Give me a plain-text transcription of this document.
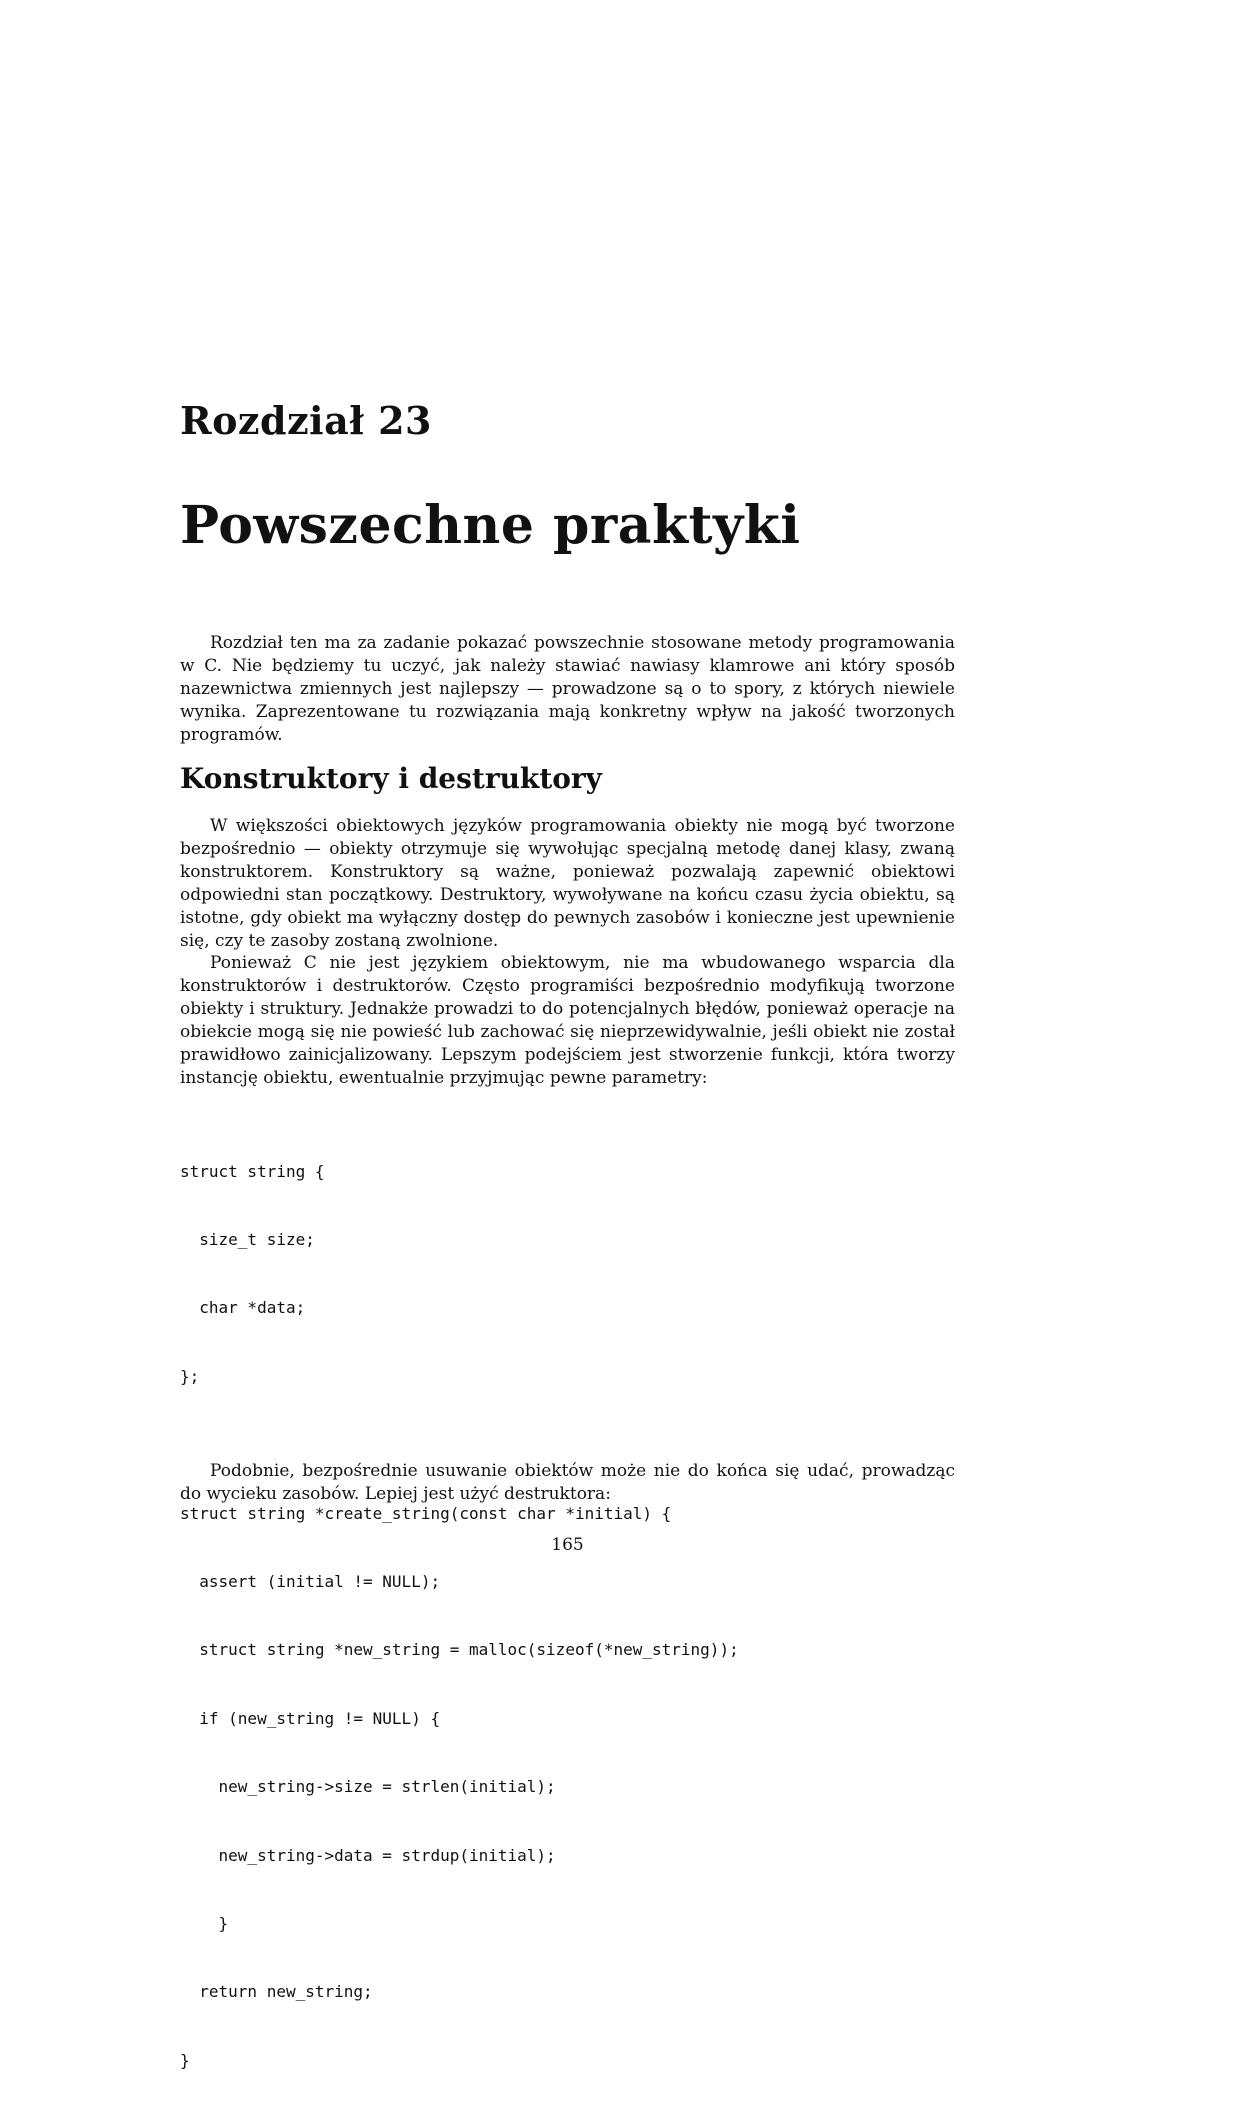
Rozdział 23
Powszechne praktyki

Rozdział ten ma za zadanie pokazać powszechnie stosowane metody programowania w C. Nie będziemy tu uczyć, jak należy stawiać nawiasy klamrowe ani który sposób nazewnictwa zmiennych jest najlepszy — prowadzone są o to spory, z których niewiele wynika. Zaprezentowane tu rozwiązania mają konkretny wpływ na jakość tworzonych programów.

Konstruktory i destruktory

W większości obiektowych języków programowania obiekty nie mogą być tworzone bezpośrednio — obiekty otrzymuje się wywołując specjalną metodę danej klasy, zwaną konstruktorem. Konstruktory są ważne, ponieważ pozwalają zapewnić obiektowi odpowiedni stan początkowy. Destruktory, wywoływane na końcu czasu życia obiektu, są istotne, gdy obiekt ma wyłączny dostęp do pewnych zasobów i konieczne jest upewnienie się, czy te zasoby zostaną zwolnione.

Ponieważ C nie jest językiem obiektowym, nie ma wbudowanego wsparcia dla konstruktorów i destruktorów. Często programiści bezpośrednio modyfikują tworzone obiekty i struktury. Jednakże prowadzi to do potencjalnych błędów, ponieważ operacje na obiekcie mogą się nie powieść lub zachować się nieprzewidywalnie, jeśli obiekt nie został prawidłowo zainicjalizowany. Lepszym podejściem jest stworzenie funkcji, która tworzy instancję obiektu, ewentualnie przyjmując pewne parametry:

struct string {

size_t size;

char *data;

};

struct string *create_string(const char *initial) {

assert (initial != NULL);

struct string *new_string = malloc(sizeof(*new_string));

if (new_string != NULL) {

new_string->size = strlen(initial);

new_string->data = strdup(initial);

}

return new_string;

}

Podobnie, bezpośrednie usuwanie obiektów może nie do końca się udać, prowadząc do wycieku zasobów. Lepiej jest użyć destruktora:

165
